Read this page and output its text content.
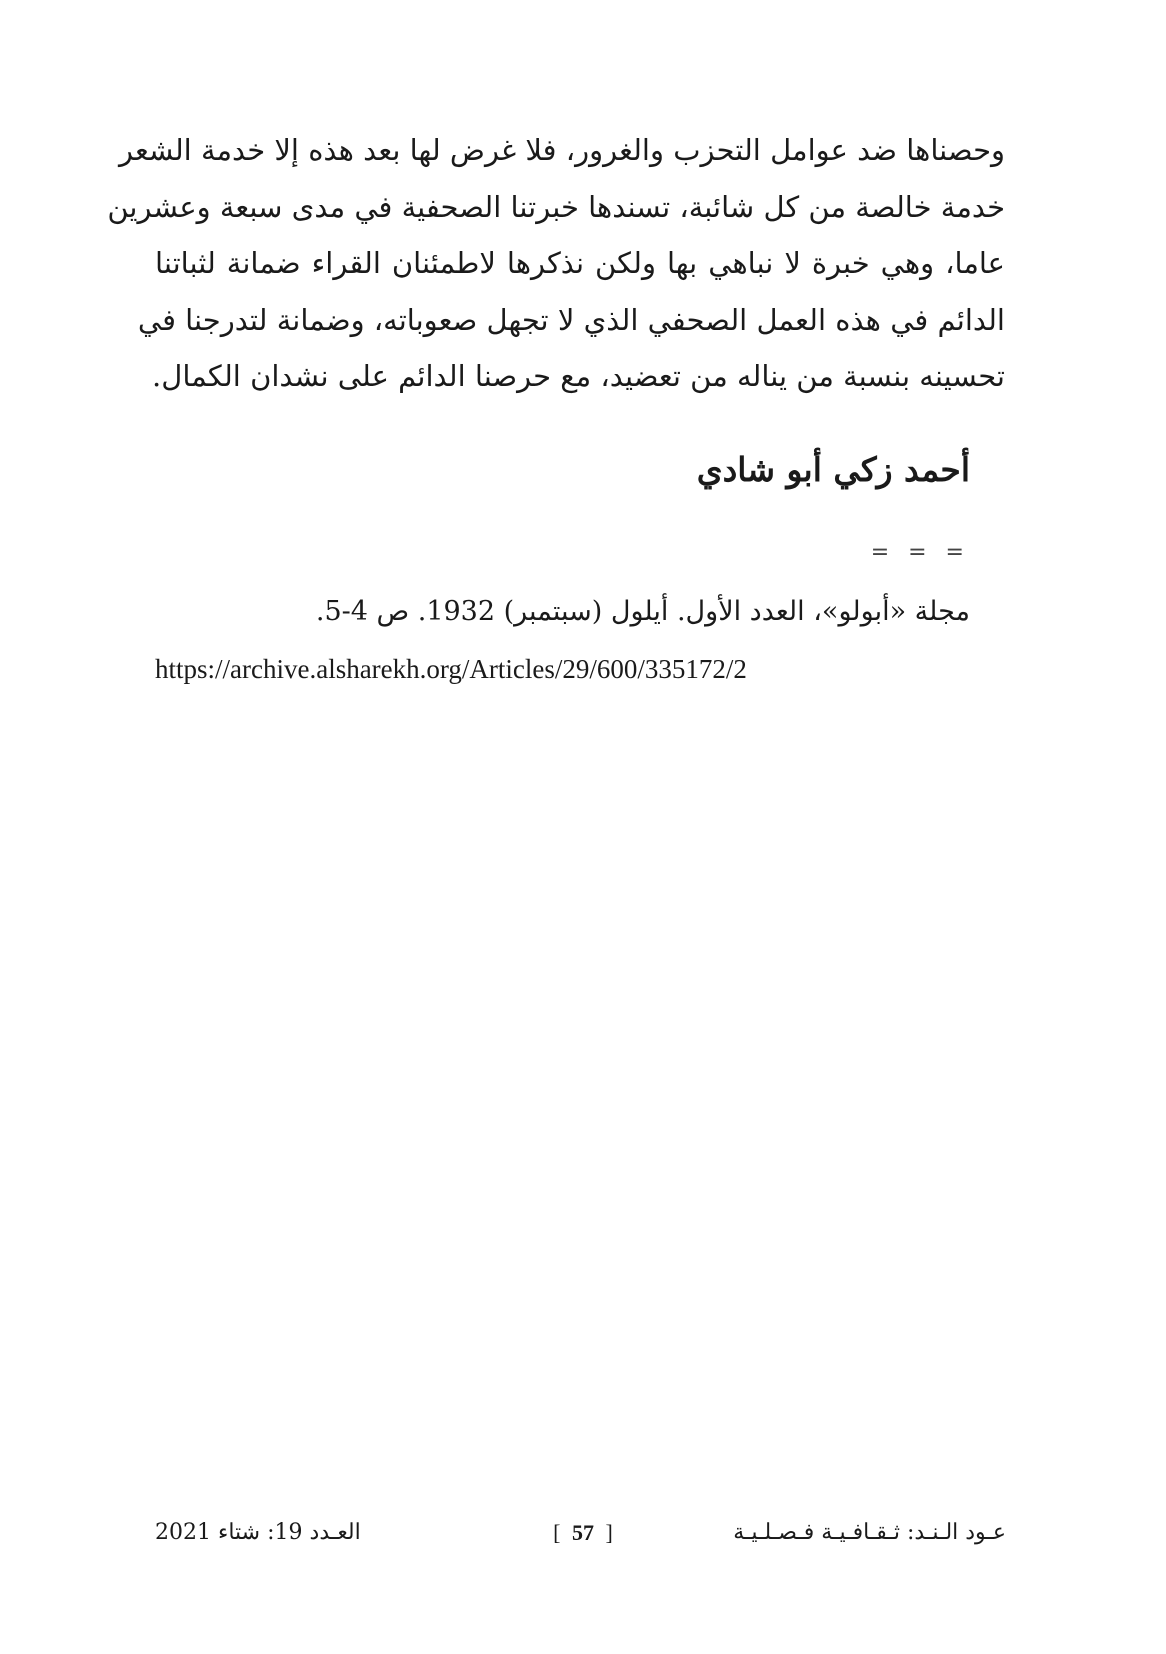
وحصناها ضد عوامل التحزب والغرور، فلا غرض لها بعد هذه إلا خدمة الشعر
خدمة خالصة من كل شائبة، تسندها خبرتنا الصحفية في مدى سبعة وعشرين
عاما، وهي خبرة لا نباهي بها ولكن نذكرها لاطمئنان القراء ضمانة لثباتنا
الدائم في هذه العمل الصحفي الذي لا تجهل صعوباته، وضمانة لتدرجنا في
تحسينه بنسبة من يناله من تعضيد، مع حرصنا الدائم على نشدان الكمال.
أحمد زكي أبو شادي
= = =
مجلة «أبولو»، العدد الأول. أيلول (سبتمبر) 1932. ص 4-5.
https://archive.alsharekh.org/Articles/29/600/335172/2
العـدد 19: شتاء 2021	[ 57 ]	عـود الـنـد: ثـقـافـيـة فـصـلـيـة
